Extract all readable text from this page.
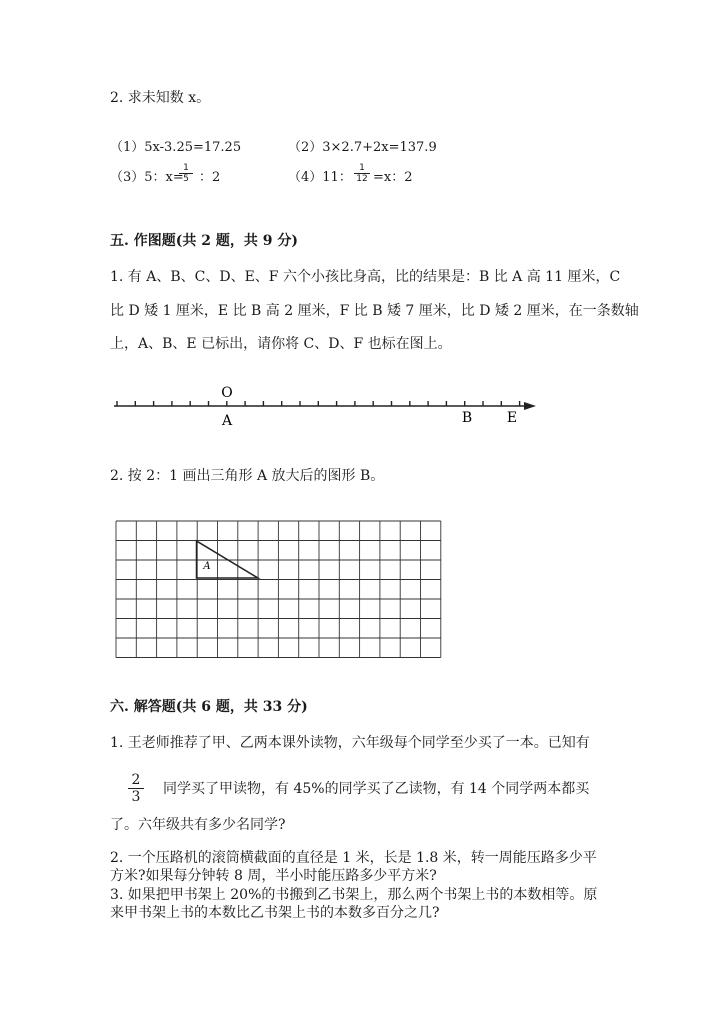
2. 求未知数 x。
（1）5x-3.25=17.25	（2）3×2.7+2x=137.9
（3）5：x=
1
5 ：2	（4）11：
1
12 =x：2
五. 作图题(共 2 题，共 9 分)
1. 有 A、B、C、D、E、F 六个小孩比身高，比的结果是：B 比 A 高 11 厘米，C
比 D 矮 1 厘米，E 比 B 高 2 厘米，F 比 B 矮 7 厘米，比 D 矮 2 厘米，在一条数轴
上，A、B、E 已标出，请你将 C、D、F 也标在图上。
O
A	B E
2. 按 2：1 画出三角形 A 放大后的图形 B。
A
六. 解答题(共 6 题，共 33 分)
1. 王老师推荐了甲、乙两本课外读物，六年级每个同学至少买了一本。已知有
2
3 同学买了甲读物，有 45%的同学买了乙读物，有 14 个同学两本都买
了。六年级共有多少名同学?
2. 一个压路机的滚筒横截面的直径是 1 米，长是 1.8 米，转一周能压路多少平
方米?如果每分钟转 8 周，半小时能压路多少平方米?
3. 如果把甲书架上 20%的书搬到乙书架上，那么两个书架上书的本数相等。原
来甲书架上书的本数比乙书架上书的本数多百分之几?
